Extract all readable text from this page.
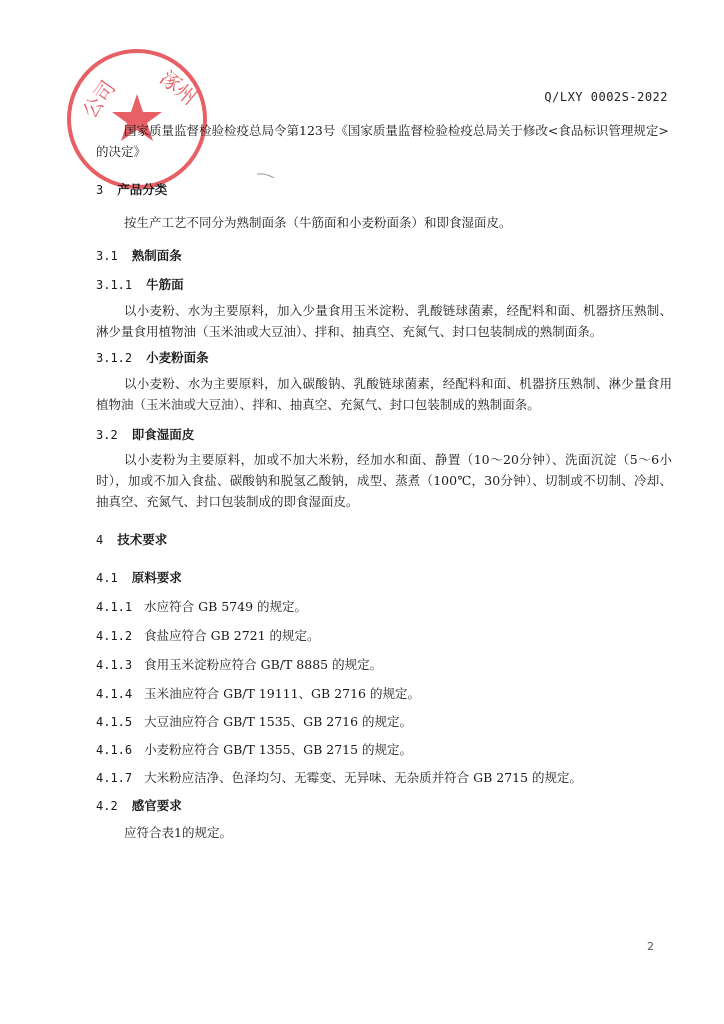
公司 涿州	Q/LXY 0002S-2022
国家质量监督检验检疫总局令第123号《国家质量监督检验检疫总局关于修改<食品标识管理规定>的决定》
3 产品分类
按生产工艺不同分为熟制面条（牛筋面和小麦粉面条）和即食湿面皮。
3.1 熟制面条
3.1.1 牛筋面
以小麦粉、水为主要原料，加入少量食用玉米淀粉、乳酸链球菌素，经配料和面、机器挤压熟制、淋少量食用植物油（玉米油或大豆油）、拌和、抽真空、充氮气、封口包装制成的熟制面条。
3.1.2 小麦粉面条
以小麦粉、水为主要原料，加入碳酸钠、乳酸链球菌素，经配料和面、机器挤压熟制、淋少量食用植物油（玉米油或大豆油）、拌和、抽真空、充氮气、封口包装制成的熟制面条。
3.2 即食湿面皮
以小麦粉为主要原料，加或不加大米粉，经加水和面、静置（10～20分钟）、洗面沉淀（5～6小时），加或不加入食盐、碳酸钠和脱氢乙酸钠，成型、蒸煮（100℃，30分钟）、切制或不切制、冷却、抽真空、充氮气、封口包装制成的即食湿面皮。
4 技术要求
4.1 原料要求
4.1.1 水应符合 GB 5749 的规定。
4.1.2 食盐应符合 GB 2721 的规定。
4.1.3 食用玉米淀粉应符合 GB/T 8885 的规定。
4.1.4 玉米油应符合 GB/T 19111、GB 2716 的规定。
4.1.5 大豆油应符合 GB/T 1535、GB 2716 的规定。
4.1.6 小麦粉应符合 GB/T 1355、GB 2715 的规定。
4.1.7 大米粉应洁净、色泽均匀、无霉变、无异味、无杂质并符合 GB 2715 的规定。
4.2 感官要求
应符合表1的规定。
2
